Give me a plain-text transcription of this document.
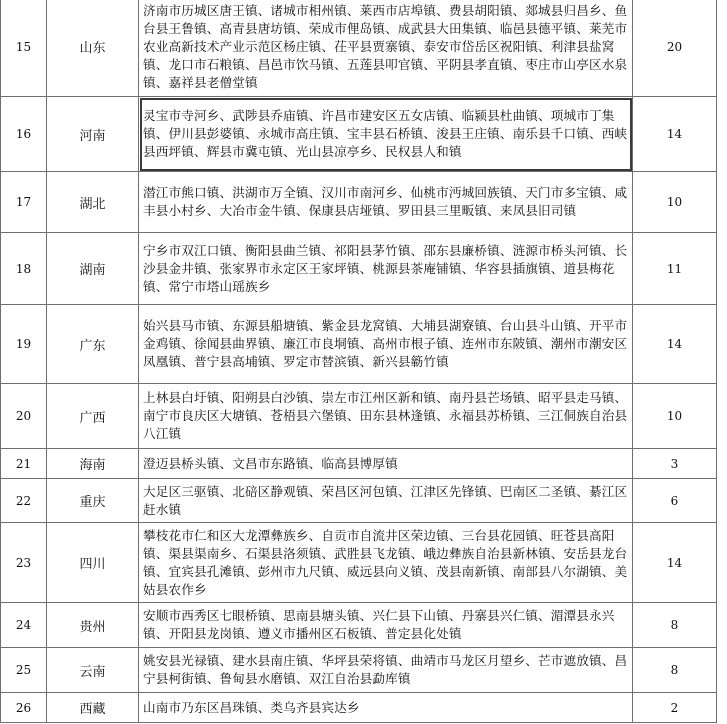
15	山东	济南市历城区唐王镇、诸城市相州镇、莱西市店埠镇、费县胡阳镇、郯城县归昌乡、鱼台县王鲁镇、高青县唐坊镇、荣成市俚岛镇、成武县大田集镇、临邑县德平镇、莱芜市农业高新技术产业示范区杨庄镇、茌平县贾寨镇、泰安市岱岳区祝阳镇、利津县盐窝镇、龙口市石粮镇、昌邑市饮马镇、五莲县叩官镇、平阴县孝直镇、枣庄市山亭区水泉镇、嘉祥县老僧堂镇	20
16	河南	灵宝市寺河乡、武陟县乔庙镇、许昌市建安区五女店镇、临颍县杜曲镇、项城市丁集镇、伊川县彭婆镇、永城市高庄镇、宝丰县石桥镇、浚县王庄镇、南乐县千口镇、西峡县西坪镇、辉县市冀屯镇、光山县凉亭乡、民权县人和镇	14
17	湖北	潜江市熊口镇、洪湖市万全镇、汉川市南河乡、仙桃市沔城回族镇、天门市多宝镇、咸丰县小村乡、大冶市金牛镇、保康县店垭镇、罗田县三里畈镇、来凤县旧司镇	10
18	湖南	宁乡市双江口镇、衡阳县曲兰镇、祁阳县茅竹镇、邵东县廉桥镇、涟源市桥头河镇、长沙县金井镇、张家界市永定区王家坪镇、桃源县茶庵铺镇、华容县插旗镇、道县梅花镇、常宁市塔山瑶族乡	11
19	广东	始兴县马市镇、东源县船塘镇、紫金县龙窝镇、大埔县湖寮镇、台山县斗山镇、开平市金鸡镇、徐闻县曲界镇、廉江市良垌镇、高州市根子镇、连州市东陂镇、潮州市潮安区凤凰镇、普宁县高埔镇、罗定市替滨镇、新兴县簕竹镇	14
20	广西	上林县白圩镇、阳朔县白沙镇、崇左市江州区新和镇、南丹县芒场镇、昭平县走马镇、南宁市良庆区大塘镇、苍梧县六堡镇、田东县林逢镇、永福县苏桥镇、三江侗族自治县八江镇	10
21	海南	澄迈县桥头镇、文昌市东路镇、临高县博厚镇	3
22	重庆	大足区三驱镇、北碚区静观镇、荣昌区河包镇、江津区先锋镇、巴南区二圣镇、綦江区赶水镇	6
23	四川	攀枝花市仁和区大龙潭彝族乡、自贡市自流井区荣边镇、三台县花园镇、旺苍县高阳镇、渠县渠南乡、石渠县洛须镇、武胜县飞龙镇、峨边彝族自治县新林镇、安岳县龙台镇、宜宾县孔滩镇、彭州市九尺镇、威远县向义镇、茂县南新镇、南部县八尔湖镇、美姑县农作乡	14
24	贵州	安顺市西秀区七眼桥镇、思南县塘头镇、兴仁县下山镇、丹寨县兴仁镇、湄潭县永兴镇、开阳县龙岗镇、遵义市播州区石板镇、普定县化处镇	8
25	云南	姚安县光禄镇、建水县南庄镇、华坪县荣将镇、曲靖市马龙区月望乡、芒市遮放镇、昌宁县柯街镇、鲁甸县水磨镇、双江自治县勐库镇	8
26	西藏	山南市乃东区昌珠镇、类乌齐县宾达乡	2
